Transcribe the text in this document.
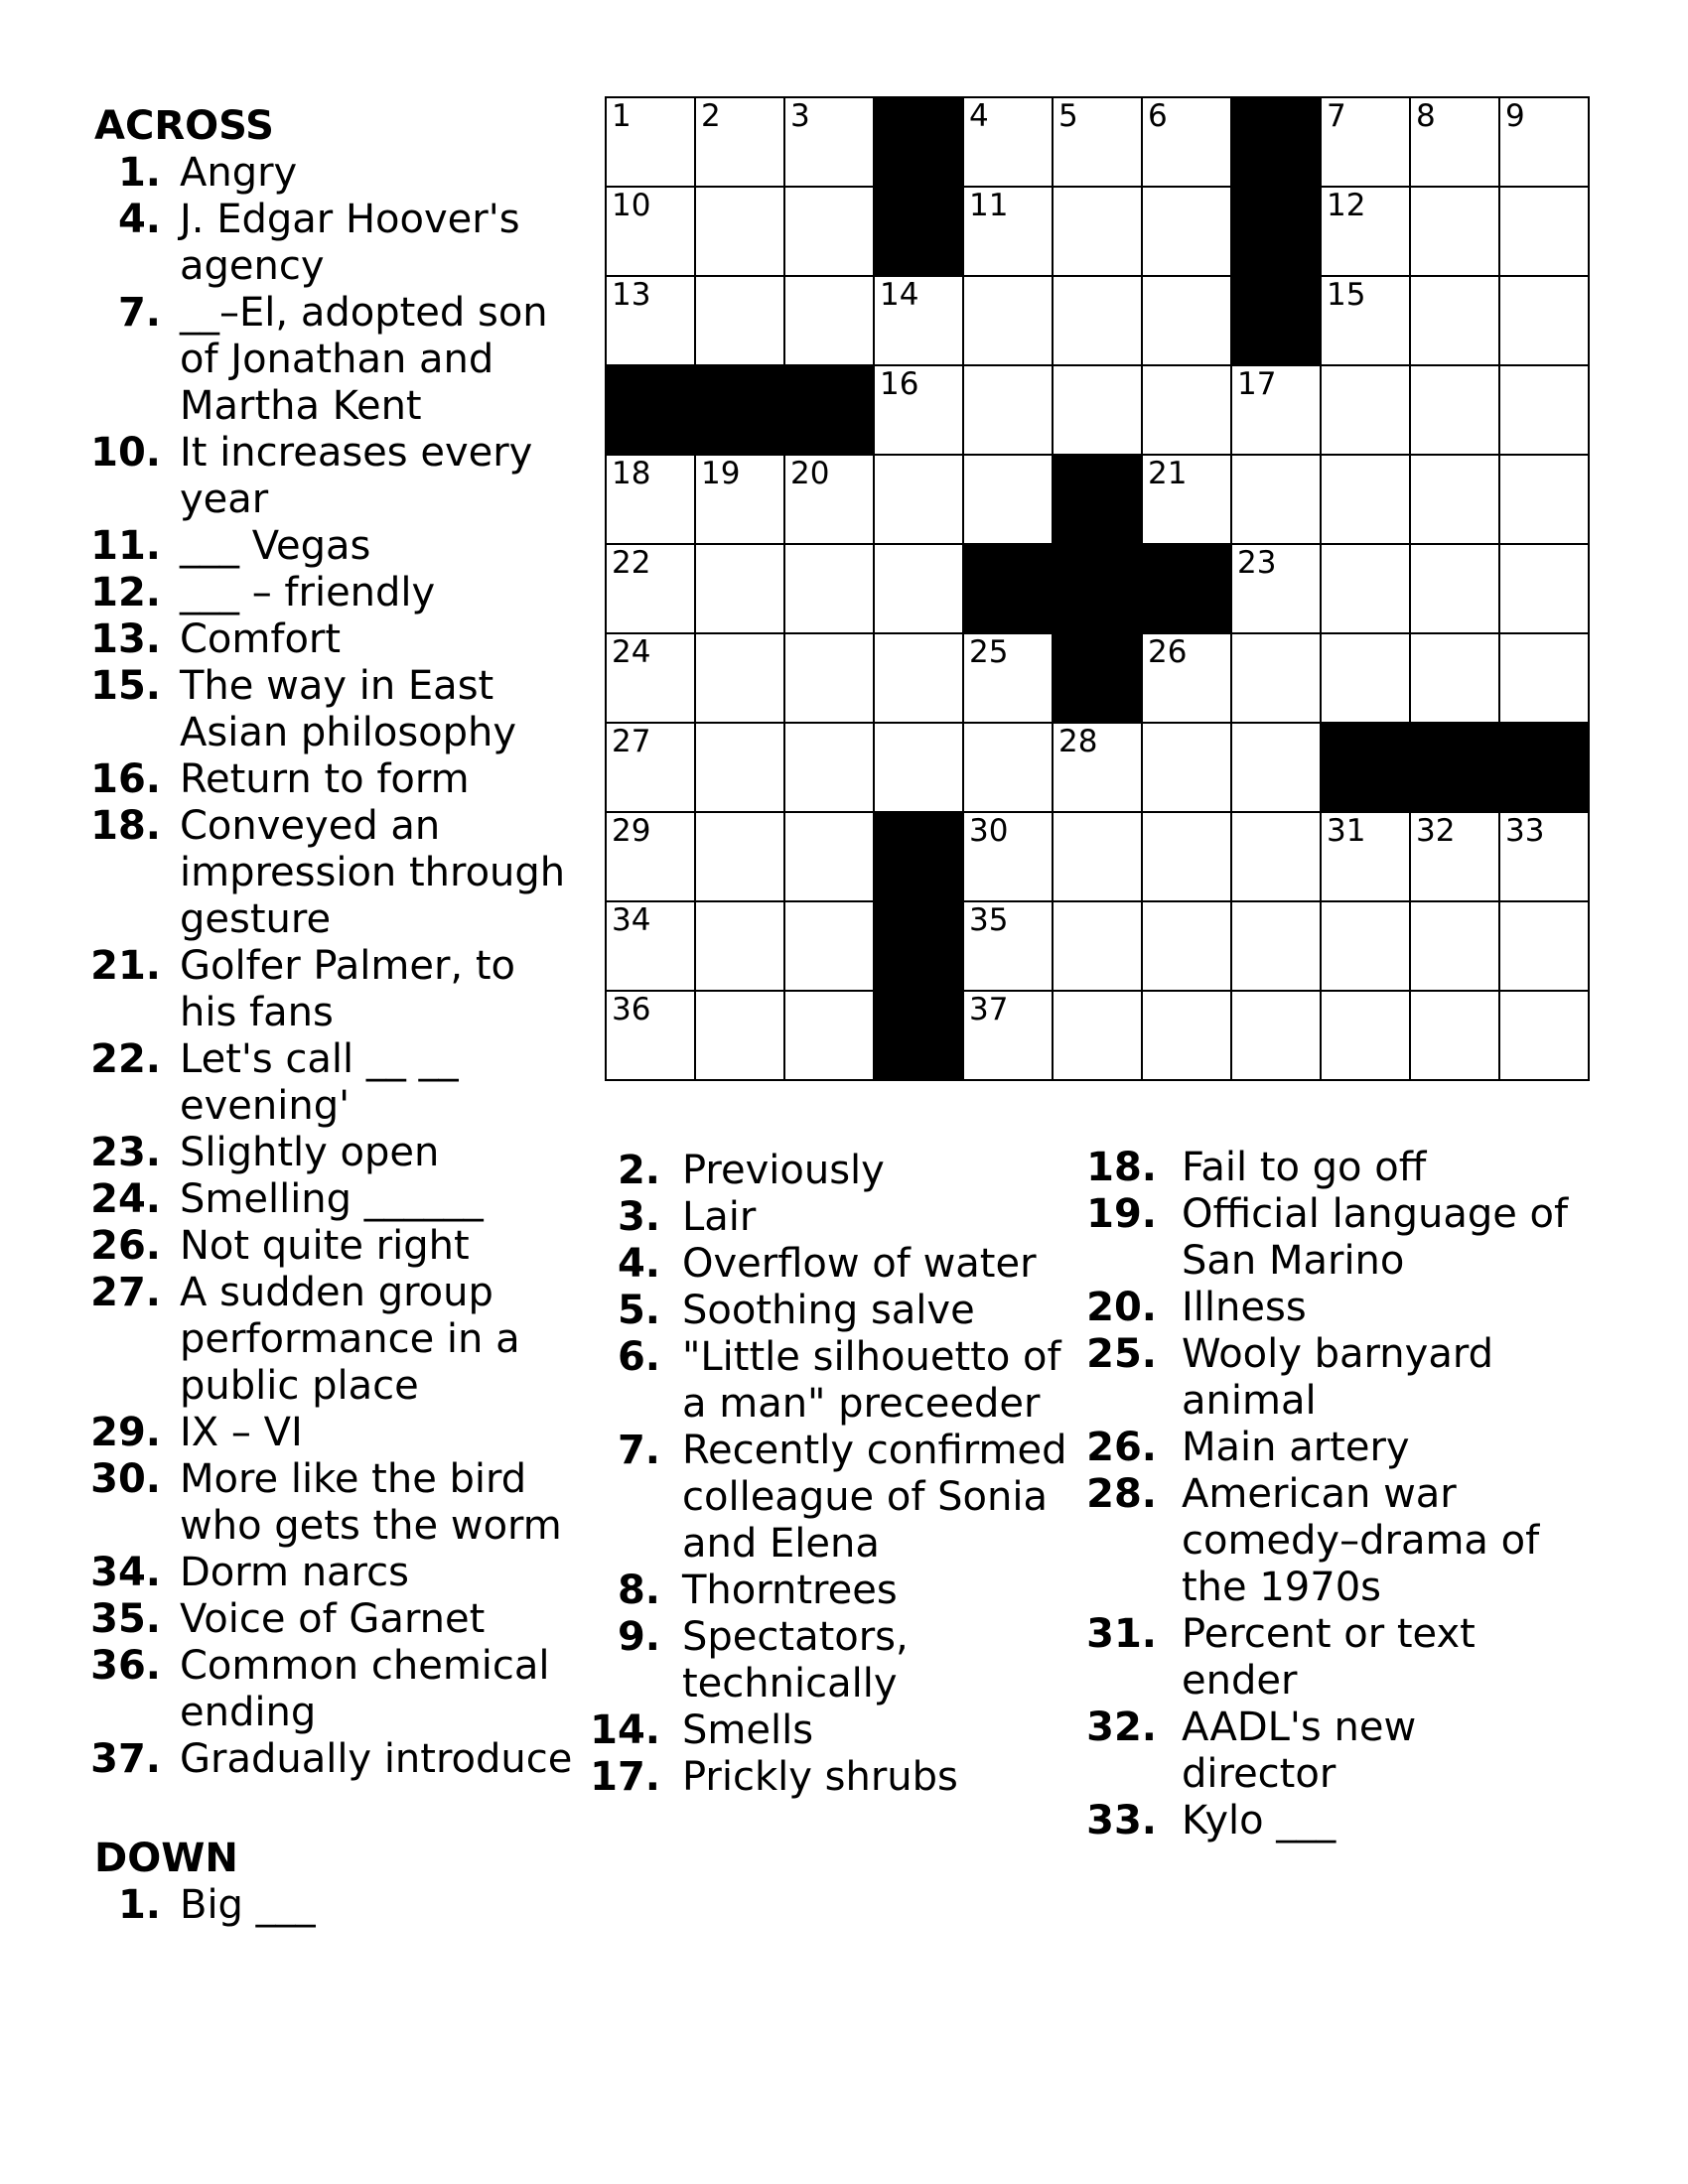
1 2 3	4 5 6	7 8 9
10	11	12
13	14	15
16	17
18 19 20	21
22	23
24	25	26
27	28
29	30	31 32 33
34	35
36	37
ACROSS
1. Angry
4. J. Edgar Hoover's agency
7. __–El, adopted son of Jonathan and Martha Kent
10. It increases every year
11. ___ Vegas
12. ___ – friendly
13. Comfort
15. The way in East Asian philosophy
16. Return to form
18. Conveyed an impression through gesture
21. Golfer Palmer, to his fans
22. Let's call __ __ evening'
23. Slightly open
24. Smelling ______
26. Not quite right
27. A sudden group performance in a public place
29. IX – VI
30. More like the bird who gets the worm
34. Dorm narcs
35. Voice of Garnet
36. Common chemical ending
37. Gradually introduce
DOWN
1. Big ___
2. Previously
3. Lair
4. Overflow of water
5. Soothing salve
6. "Little silhouetto of a man" preceeder
7. Recently confirmed colleague of Sonia and Elena
8. Thorntrees
9. Spectators, technically
14. Smells
17. Prickly shrubs
18. Fail to go off
19. Official language of San Marino
20. Illness
25. Wooly barnyard animal
26. Main artery
28. American war comedy–drama of the 1970s
31. Percent or text ender
32. AADL's new director
33. Kylo ___
